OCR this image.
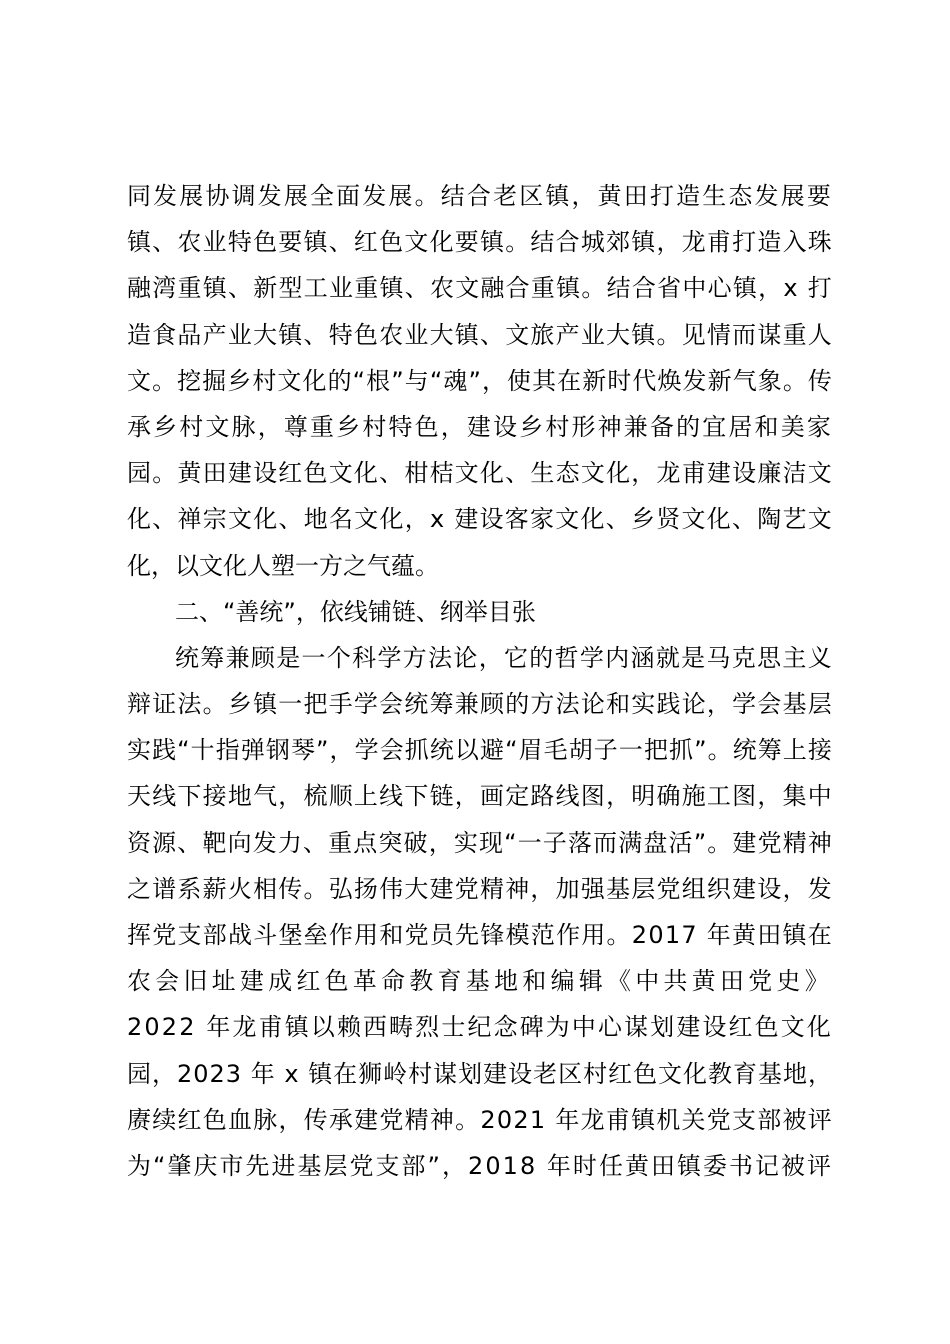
同发展协调发展全面发展。结合老区镇，黄田打造生态发展要
镇、农业特色要镇、红色文化要镇。结合城郊镇，龙甫打造入珠
融湾重镇、新型工业重镇、农文融合重镇。结合省中心镇，x 打
造食品产业大镇、特色农业大镇、文旅产业大镇。见情而谋重人
文。挖掘乡村文化的“根”与“魂”，使其在新时代焕发新气象。传
承乡村文脉，尊重乡村特色，建设乡村形神兼备的宜居和美家
园。黄田建设红色文化、柑桔文化、生态文化，龙甫建设廉洁文
化、禅宗文化、地名文化，x 建设客家文化、乡贤文化、陶艺文
化，以文化人塑一方之气蕴。
二、“善统”，依线铺链、纲举目张
统筹兼顾是一个科学方法论，它的哲学内涵就是马克思主义
辩证法。乡镇一把手学会统筹兼顾的方法论和实践论，学会基层
实践“十指弹钢琴”，学会抓统以避“眉毛胡子一把抓”。统筹上接
天线下接地气，梳顺上线下链，画定路线图，明确施工图，集中
资源、靶向发力、重点突破，实现“一子落而满盘活”。建党精神
之谱系薪火相传。弘扬伟大建党精神，加强基层党组织建设，发
挥党支部战斗堡垒作用和党员先锋模范作用。2017 年黄田镇在
农会旧址建成红色革命教育基地和编辑《中共黄田党史》
2022 年龙甫镇以赖西畴烈士纪念碑为中心谋划建设红色文化
园，2023 年 x 镇在狮岭村谋划建设老区村红色文化教育基地，
赓续红色血脉，传承建党精神。2021 年龙甫镇机关党支部被评
为“肇庆市先进基层党支部”，2018 年时任黄田镇委书记被评
